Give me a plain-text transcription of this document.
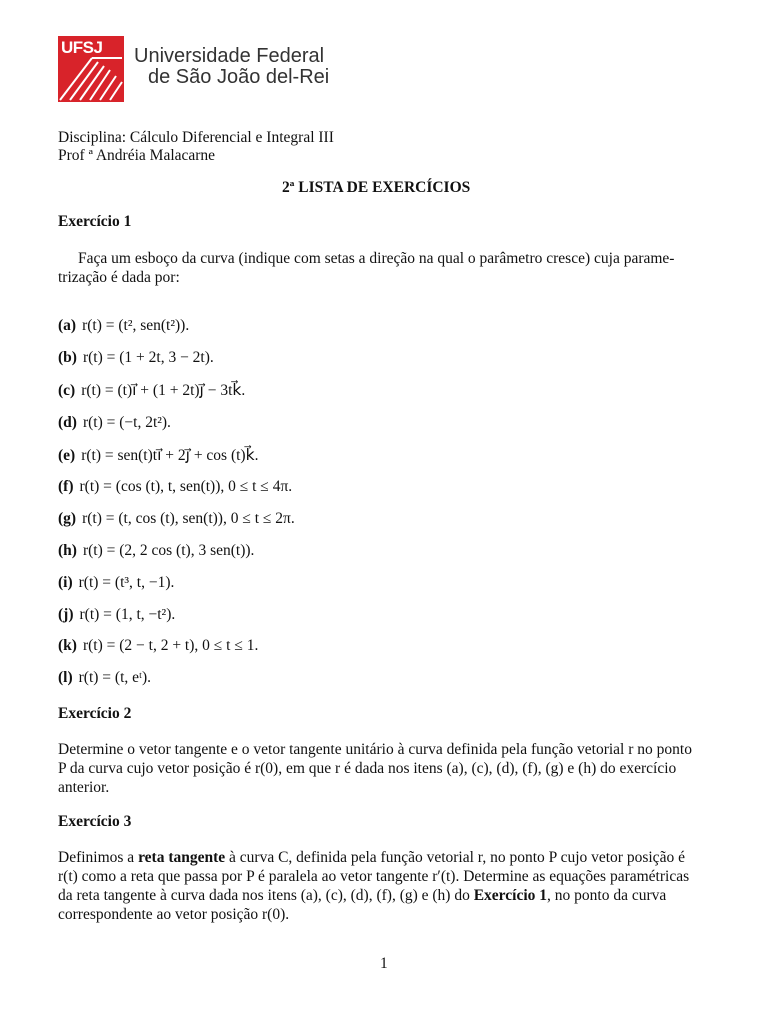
UFSJ Universidade Federal
de São João del-Rei
Disciplina: Cálculo Diferencial e Integral III
Prof ª Andréia Malacarne
2ª LISTA DE EXERCÍCIOS
Exercício 1
Faça um esboço da curva (indique com setas a direção na qual o parâmetro cresce) cuja parame-
trização é dada por:
(a) r(t) = (t², sen(t²)).
(b) r(t) = (1 + 2t, 3 − 2t).
(c) r(t) = (t)i⃗ + (1 + 2t)j⃗ − 3tk⃗.
(d) r(t) = (−t, 2t²).
(e) r(t) = sen(t)ti⃗ + 2j⃗ + cos (t)k⃗.
(f) r(t) = (cos (t), t, sen(t)), 0 ≤ t ≤ 4π.
(g) r(t) = (t, cos (t), sen(t)), 0 ≤ t ≤ 2π.
(h) r(t) = (2, 2 cos (t), 3 sen(t)).
(i) r(t) = (t³, t, −1).
(j) r(t) = (1, t, −t²).
(k) r(t) = (2 − t, 2 + t), 0 ≤ t ≤ 1.
(l) r(t) = (t, eᵗ).
Exercício 2
Determine o vetor tangente e o vetor tangente unitário à curva definida pela função vetorial r no ponto
P da curva cujo vetor posição é r(0), em que r é dada nos itens (a), (c), (d), (f), (g) e (h) do exercício
anterior.
Exercício 3
Definimos a reta tangente à curva C, definida pela função vetorial r, no ponto P cujo vetor posição é
r(t) como a reta que passa por P é paralela ao vetor tangente r′(t). Determine as equações paramétricas
da reta tangente à curva dada nos itens (a), (c), (d), (f), (g) e (h) do Exercício 1, no ponto da curva
correspondente ao vetor posição r(0).
1
